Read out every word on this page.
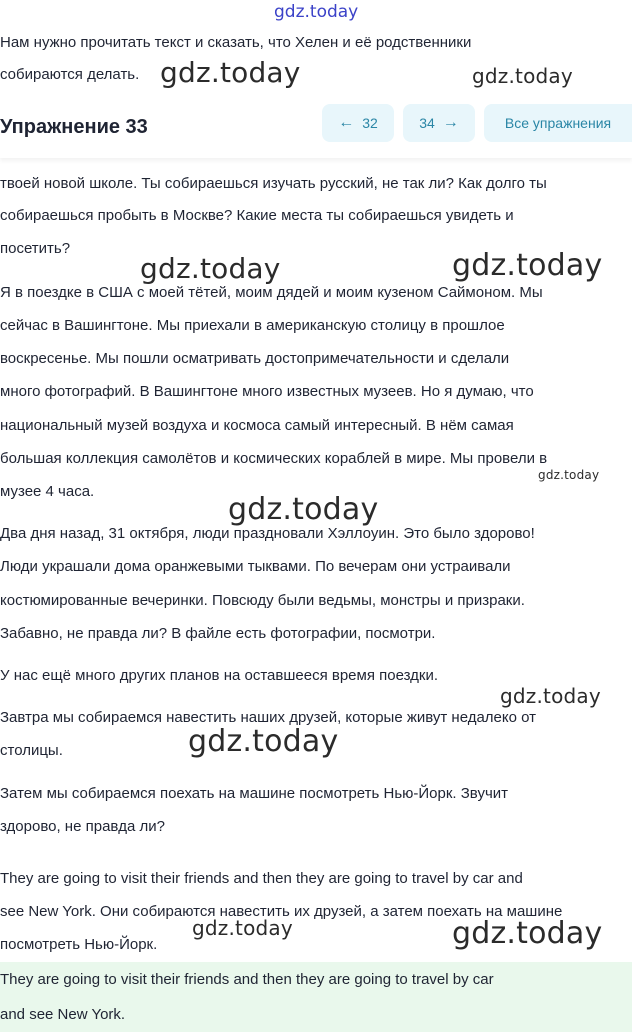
gdz.today
Нам нужно прочитать текст и сказать, что Хелен и её родственники
собираются делать.
Упражнение 33	← 32	34 →	Все упражнения
твоей новой школе. Ты собираешься изучать русский, не так ли? Как долго ты
собираешься пробыть в Москве? Какие места ты собираешься увидеть и
посетить?
Я в поездке в США с моей тётей, моим дядей и моим кузеном Саймоном. Мы
сейчас в Вашингтоне. Мы приехали в американскую столицу в прошлое
воскресенье. Мы пошли осматривать достопримечательности и сделали
много фотографий. В Вашингтоне много известных музеев. Но я думаю, что
национальный музей воздуха и космоса самый интересный. В нём самая
большая коллекция самолётов и космических кораблей в мире. Мы провели в
музее 4 часа.
Два дня назад, 31 октября, люди праздновали Хэллоуин. Это было здорово!
Люди украшали дома оранжевыми тыквами. По вечерам они устраивали
костюмированные вечеринки. Повсюду были ведьмы, монстры и призраки.
Забавно, не правда ли? В файле есть фотографии, посмотри.
У нас ещё много других планов на оставшееся время поездки.
Завтра мы собираемся навестить наших друзей, которые живут недалеко от
столицы.
Затем мы собираемся поехать на машине посмотреть Нью-Йорк. Звучит
здорово, не правда ли?
They are going to visit their friends and then they are going to travel by car and
see New York. Они собираются навестить их друзей, а затем поехать на машине
посмотреть Нью-Йорк.
They are going to visit their friends and then they are going to travel by car
and see New York.
gdz.today	gdz.today
gdz.today	gdz.today
gdz.today
gdz.today
gdz.today
gdz.today
gdz.today	gdz.today
